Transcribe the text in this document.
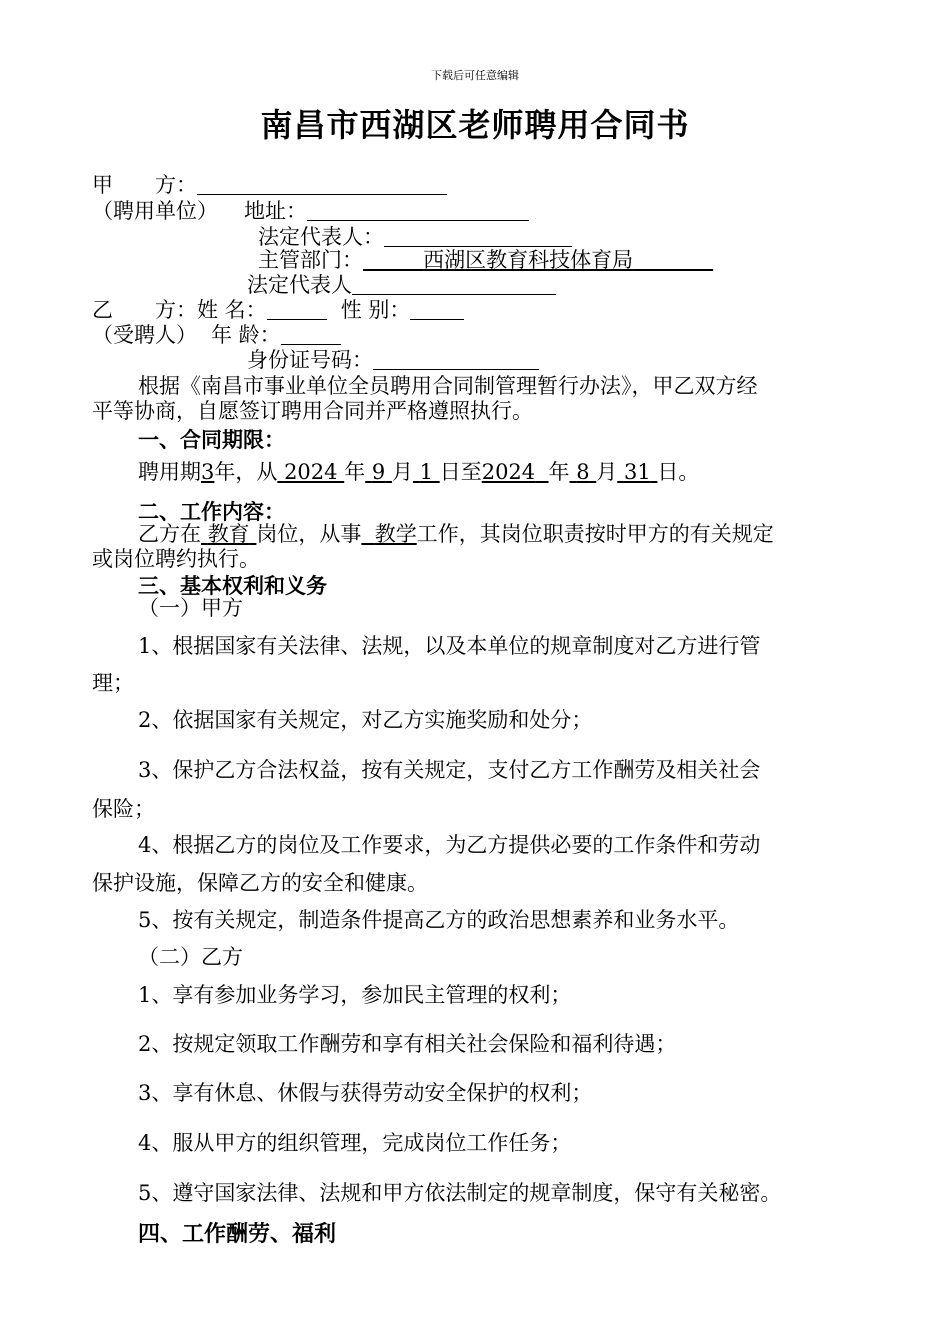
下载后可任意编辑
南昌市西湖区老师聘用合同书
甲　　方：
（聘用单位） 地址：
法定代表人：
主管部门：	西湖区教育科技体育局
法定代表人
乙　　方：姓 名：	性 别：
（受聘人） 年 龄：
身份证号码：
根据《南昌市事业单位全员聘用合同制管理暂行办法》，甲乙双方经
平等协商，自愿签订聘用合同并严格遵照执行。
一、合同期限：
聘用期3年，从 2024 年 9 月 1 日至2024 年 8 月 31 日。
二、工作内容：
乙方在 教育 岗位，从事 教学工作，其岗位职责按时甲方的有关规定
或岗位聘约执行。
三、基本权利和义务
（一）甲方
1、根据国家有关法律、法规，以及本单位的规章制度对乙方进行管
理；
2、依据国家有关规定，对乙方实施奖励和处分；
3、保护乙方合法权益，按有关规定，支付乙方工作酬劳及相关社会
保险；
4、根据乙方的岗位及工作要求，为乙方提供必要的工作条件和劳动
保护设施，保障乙方的安全和健康。
5、按有关规定，制造条件提高乙方的政治思想素养和业务水平。
（二）乙方
1、享有参加业务学习，参加民主管理的权利；
2、按规定领取工作酬劳和享有相关社会保险和福利待遇；
3、享有休息、休假与获得劳动安全保护的权利；
4、服从甲方的组织管理，完成岗位工作任务；
5、遵守国家法律、法规和甲方依法制定的规章制度，保守有关秘密。
四、工作酬劳、福利
